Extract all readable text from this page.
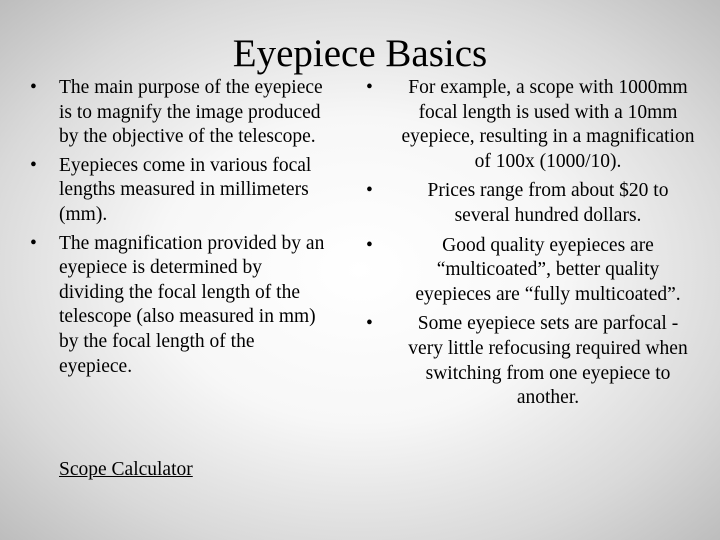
Eyepiece Basics
•	The main purpose of the eyepiece is to magnify the image produced by the objective of the telescope.
•	Eyepieces come in various focal lengths measured in millimeters (mm).
•	The magnification provided by an eyepiece is determined by dividing the focal length of the telescope (also measured in mm) by the focal length of the eyepiece.
Scope Calculator
•	For example, a scope with 1000mm focal length is used with a 10mm eyepiece, resulting in a magnification of 100x (1000/10).
•	Prices range from about $20 to several hundred dollars.
•	Good quality eyepieces are “multicoated”, better quality eyepieces are “fully multicoated”.
•	Some eyepiece sets are parfocal - very little refocusing required when switching from one eyepiece to another.
